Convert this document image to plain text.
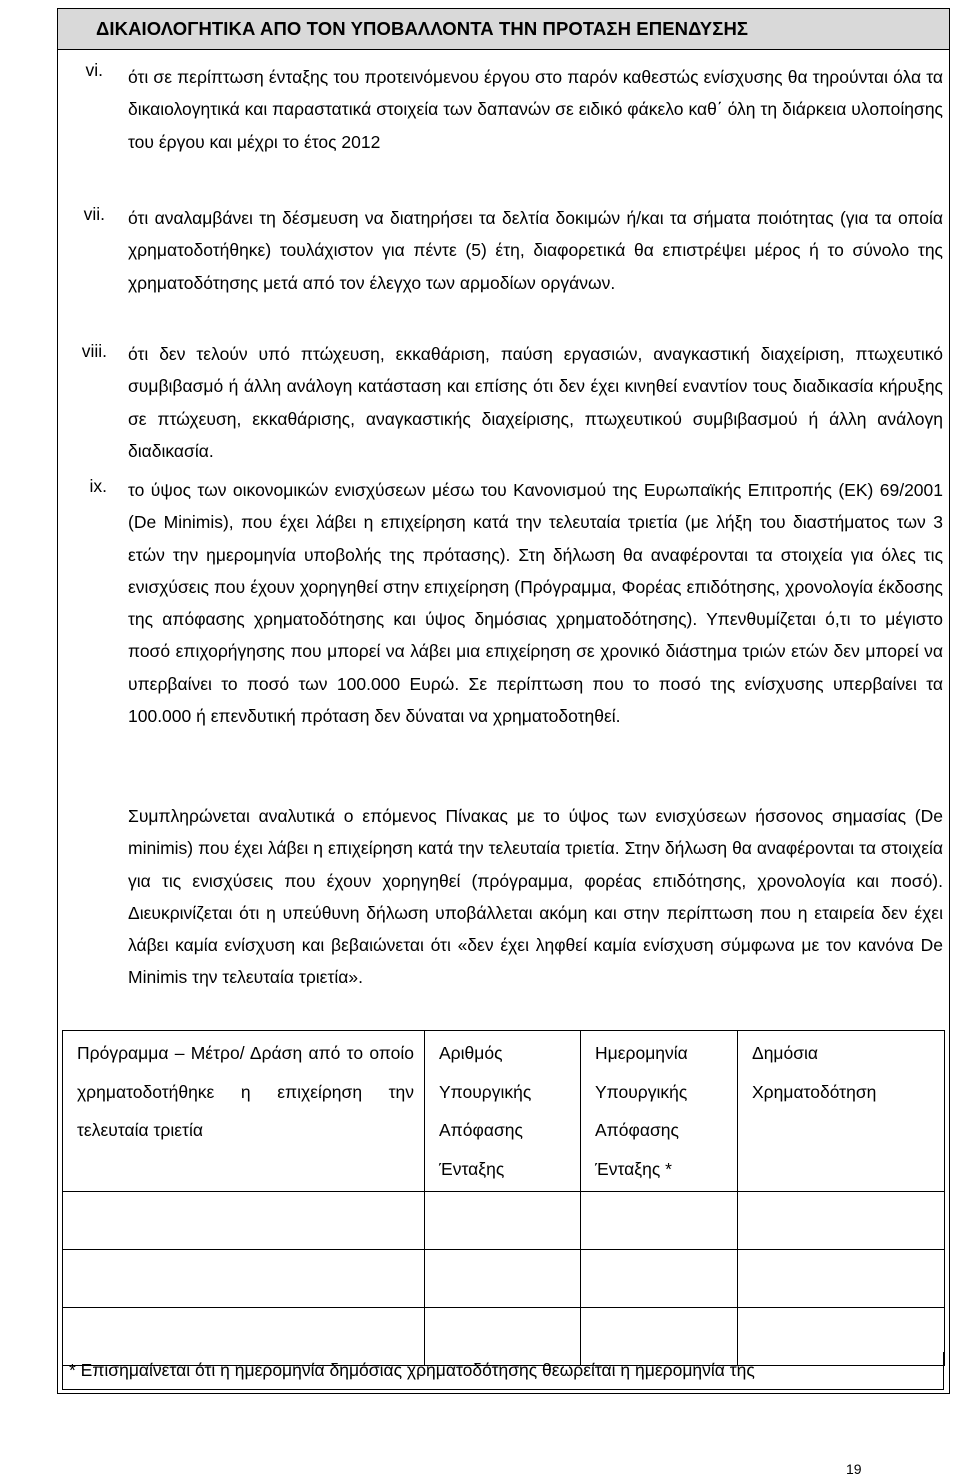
ΔΙΚΑΙΟΛΟΓΗΤΙΚΑ ΑΠΟ ΤΟΝ ΥΠΟΒΑΛΛΟΝΤΑ ΤΗΝ ΠΡΟΤΑΣΗ ΕΠΕΝΔΥΣΗΣ
vi. ότι σε περίπτωση ένταξης του προτεινόμενου έργου στο παρόν καθεστώς ενίσχυσης θα τηρούνται όλα τα δικαιολογητικά και παραστατικά στοιχεία των δαπανών σε ειδικό φάκελο καθ΄ όλη τη διάρκεια υλοποίησης του έργου και μέχρι το έτος 2012
vii. ότι αναλαμβάνει τη δέσμευση να διατηρήσει τα δελτία δοκιμών ή/και τα σήματα ποιότητας (για τα οποία χρηματοδοτήθηκε) τουλάχιστον για πέντε (5) έτη, διαφορετικά θα επιστρέψει μέρος ή το σύνολο της χρηματοδότησης μετά από τον έλεγχο των αρμοδίων οργάνων.
viii. ότι δεν τελούν υπό πτώχευση, εκκαθάριση, παύση εργασιών, αναγκαστική διαχείριση, πτωχευτικό συμβιβασμό ή άλλη ανάλογη κατάσταση και επίσης ότι δεν έχει κινηθεί εναντίον τους διαδικασία κήρυξης σε πτώχευση, εκκαθάρισης, αναγκαστικής διαχείρισης, πτωχευτικού συμβιβασμού ή άλλη ανάλογη διαδικασία.
ix. το ύψος των οικονομικών ενισχύσεων μέσω του Κανονισμού της Ευρωπαϊκής Επιτροπής (ΕΚ) 69/2001 (De Minimis), που έχει λάβει η επιχείρηση κατά την τελευταία τριετία (με λήξη του διαστήματος των 3 ετών την ημερομηνία υποβολής της πρότασης). Στη δήλωση θα αναφέρονται τα στοιχεία για όλες τις ενισχύσεις που έχουν χορηγηθεί στην επιχείρηση (Πρόγραμμα, Φορέας επιδότησης, χρονολογία έκδοσης της απόφασης χρηματοδότησης και ύψος δημόσιας χρηματοδότησης). Υπενθυμίζεται ό,τι το μέγιστο ποσό επιχορήγησης που μπορεί να λάβει μια επιχείρηση σε χρονικό διάστημα τριών ετών δεν μπορεί να υπερβαίνει το ποσό των 100.000 Ευρώ. Σε περίπτωση που το ποσό της ενίσχυσης υπερβαίνει τα 100.000 ή επενδυτική πρόταση δεν δύναται να χρηματοδοτηθεί.
Συμπληρώνεται αναλυτικά ο επόμενος Πίνακας με το ύψος των ενισχύσεων ήσσονος σημασίας (De minimis) που έχει λάβει η επιχείρηση κατά την τελευταία τριετία. Στην δήλωση θα αναφέρονται τα στοιχεία για τις ενισχύσεις που έχουν χορηγηθεί (πρόγραμμα, φορέας επιδότησης, χρονολογία και ποσό). Διευκρινίζεται ότι η υπεύθυνη δήλωση υποβάλλεται ακόμη και στην περίπτωση που η εταιρεία δεν έχει λάβει καμία ενίσχυση και βεβαιώνεται ότι «δεν έχει ληφθεί καμία ενίσχυση σύμφωνα με τον κανόνα De Minimis την τελευταία τριετία».
Πρόγραμμα – Μέτρο/ Δράση από το οποίο χρηματοδοτήθηκε η επιχείρηση την τελευταία τριετία	Αριθμός Υπουργικής Απόφασης Ένταξης	Ημερομηνία Υπουργικής Απόφασης Ένταξης *	Δημόσια Χρηματοδότηση

* Επισημαίνεται ότι η ημερομηνία δημόσιας χρηματοδότησης θεωρείται η ημερομηνία της
19
